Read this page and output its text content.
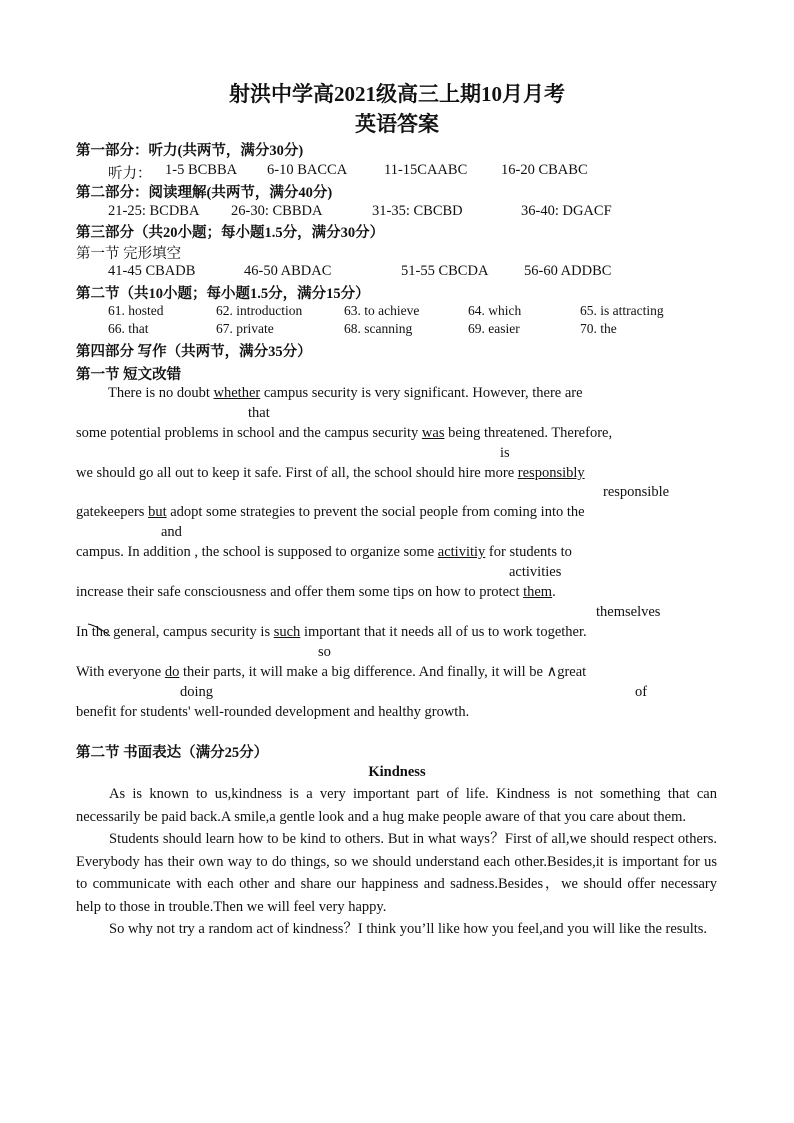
射洪中学高2021级高三上期10月月考
英语答案
第一部分：听力(共两节，满分30分)
听力： 1-5 BCBBA 6-10 BACCA	11-15CAABC 16-20 CBABC
第二部分：阅读理解(共两节，满分40分)
21-25: BCDBA 26-30: CBBDA	31-35: CBCBD	36-40: DGACF
第三部分（共20小题；每小题1.5分，满分30分）
第一节 完形填空
41-45 CBADB	46-50 ABDAC	51-55 CBCDA 56-60 ADDBC
第二节（共10小题；每小题1.5分，满分15分）
61. hosted	62. introduction	63. to achieve	64. which	65. is attracting
66. that	67. private	68. scanning	69. easier	70. the
第四部分 写作（共两节，满分35分）
第一节 短文改错
There is no doubt whether campus security is very significant. However, there are
that
some potential problems in school and the campus security was being threatened. Therefore,
is
we should go all out to keep it safe. First of all, the school should hire more responsibly
responsible
gatekeepers but adopt some strategies to prevent the social people from coming into the
and
campus. In addition , the school is supposed to organize some activitiy for students to
activities
increase their safe consciousness and offer them some tips on how to protect them.
themselves
In the
general, campus security is such important that it needs all of us to work together.
so
With everyone do their parts, it will make a big difference. And finally, it will be ∧great
doing	of
benefit for students' well-rounded development and healthy growth.
第二节 书面表达（满分25分）
Kindness

As is known to us,kindness is a very important part of life. Kindness is not something that can necessarily be paid back.A smile,a gentle look and a hug make people aware of that you care about them.

Students should learn how to be kind to others. But in what ways？First of all,we should respect others. Everybody has their own way to do things, so we should understand each other.Besides,it is important for us to communicate with each other and share our happiness and sadness.Besides，we should offer necessary help to those in trouble.Then we will feel very happy.

So why not try a random act of kindness？I think you’ll like how you feel,and you will like the results.
